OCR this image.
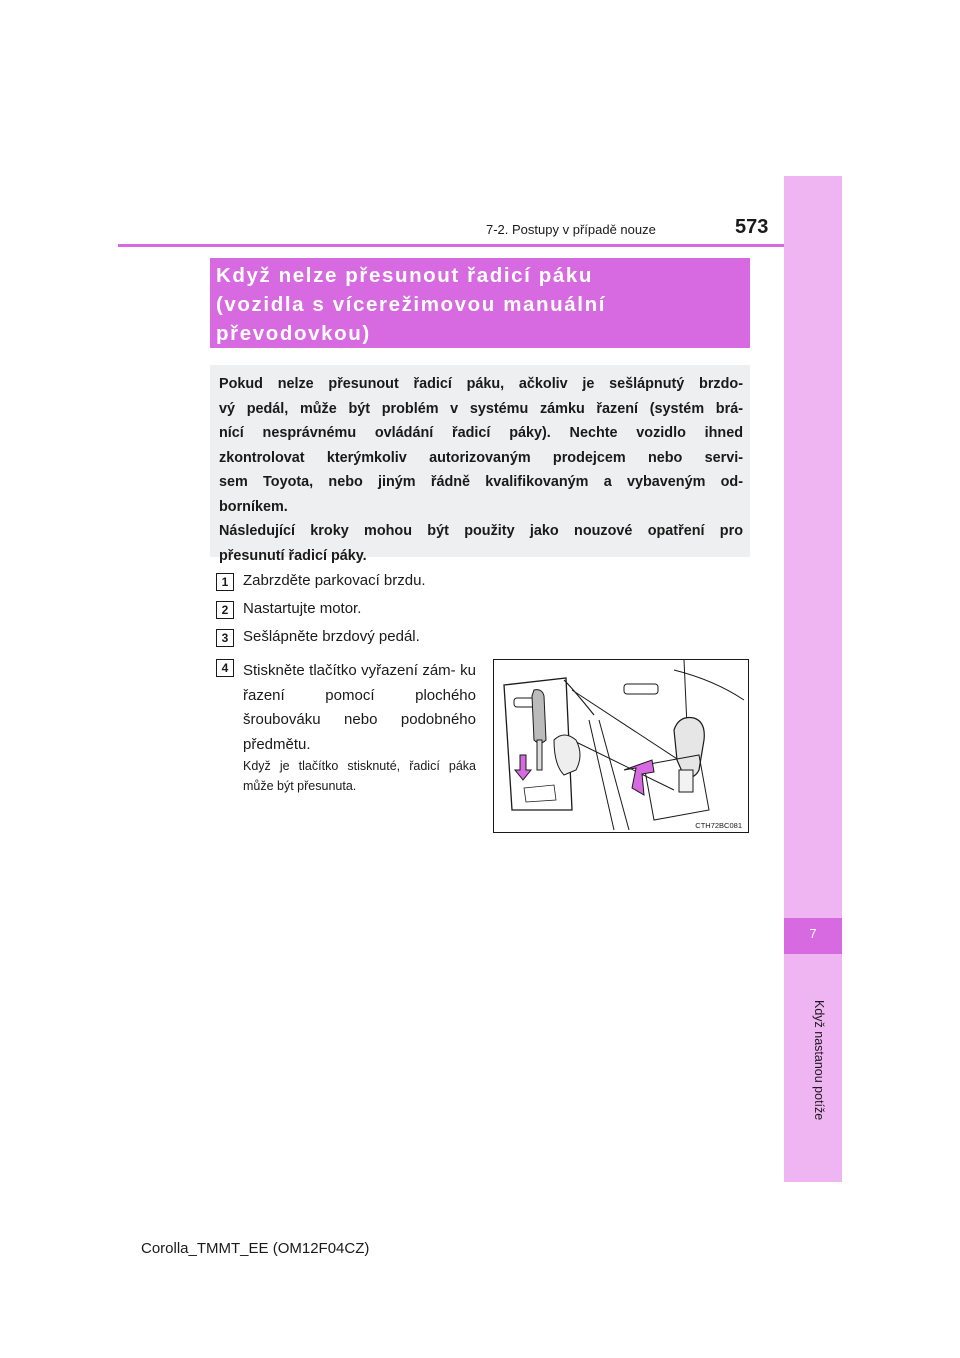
7
Když nastanou potíže
7-2. Postupy v případě nouze	573
Když nelze přesunout řadicí páku
(vozidla s vícerežimovou manuální
převodovkou)
Pokud nelze přesunout řadicí páku, ačkoliv je sešlápnutý brzdo-
vý pedál, může být problém v systému zámku řazení (systém brá-
nící nesprávnému ovládání řadicí páky). Nechte vozidlo ihned
zkontrolovat kterýmkoliv autorizovaným prodejcem nebo servi-
sem Toyota, nebo jiným řádně kvalifikovaným a vybaveným od-
borníkem.
Následující kroky mohou být použity jako nouzové opatření pro
přesunutí řadicí páky.
1 Zabrzděte parkovací brzdu.
2 Nastartujte motor.
3 Sešlápněte brzdový pedál.
4 Stiskněte tlačítko vyřazení zám- ku řazení pomocí plochého šroubováku nebo podobného předmětu.
Když je tlačítko stisknuté, řadicí páka může být přesunuta.
CTH72BC081
Corolla_TMMT_EE (OM12F04CZ)
